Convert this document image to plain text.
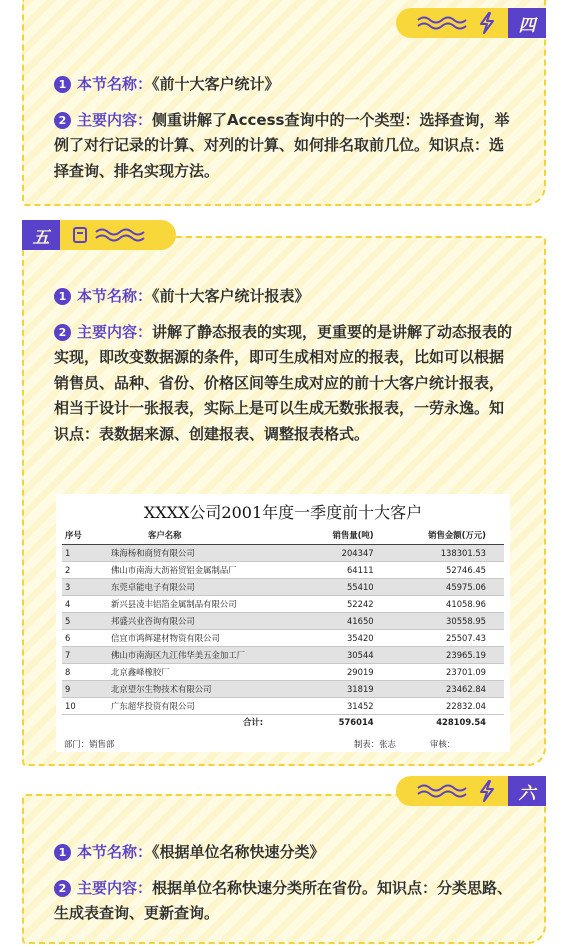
四
1 本节名称：《前十大客户统计》
2 主要内容：侧重讲解了Access查询中的一个类型：选择查询，举例了对行记录的计算、对列的计算、如何排名取前几位。知识点：选择查询、排名实现方法。
五
1 本节名称：《前十大客户统计报表》
2 主要内容：讲解了静态报表的实现，更重要的是讲解了动态报表的实现，即改变数据源的条件，即可生成相对应的报表，比如可以根据销售员、品种、省份、价格区间等生成对应的前十大客户统计报表，相当于设计一张报表，实际上是可以生成无数张报表，一劳永逸。知识点：表数据来源、创建报表、调整报表格式。
XXXX公司2001年度一季度前十大客户
序号	客户名称	销售量(吨)	销售金额(万元)
1	珠海杨和商贸有限公司	204347	138301.53
2	佛山市南海大沥裕贸铝金属制品厂	64111	52746.45
3	东莞卓能电子有限公司	55410	45975.06
4	新兴县凌丰铝箔金属制品有限公司	52242	41058.96
5	邦盛兴业咨询有限公司	41650	30558.95
6	信宜市鸿辉建材物资有限公司	35420	25507.43
7	佛山市南海区九江伟华美五金加工厂	30544	23965.19
8	北京鑫峰橡胶厂	29019	23701.09
9	北京望尔生物技术有限公司	31819	23462.84
10	广东超华投资有限公司	31452	22832.04
	合计:	576014	428109.54
部门：销售部	制表：张志	审核：
六
1 本节名称：《根据单位名称快速分类》
2 主要内容：根据单位名称快速分类所在省份。知识点：分类思路、生成表查询、更新查询。
